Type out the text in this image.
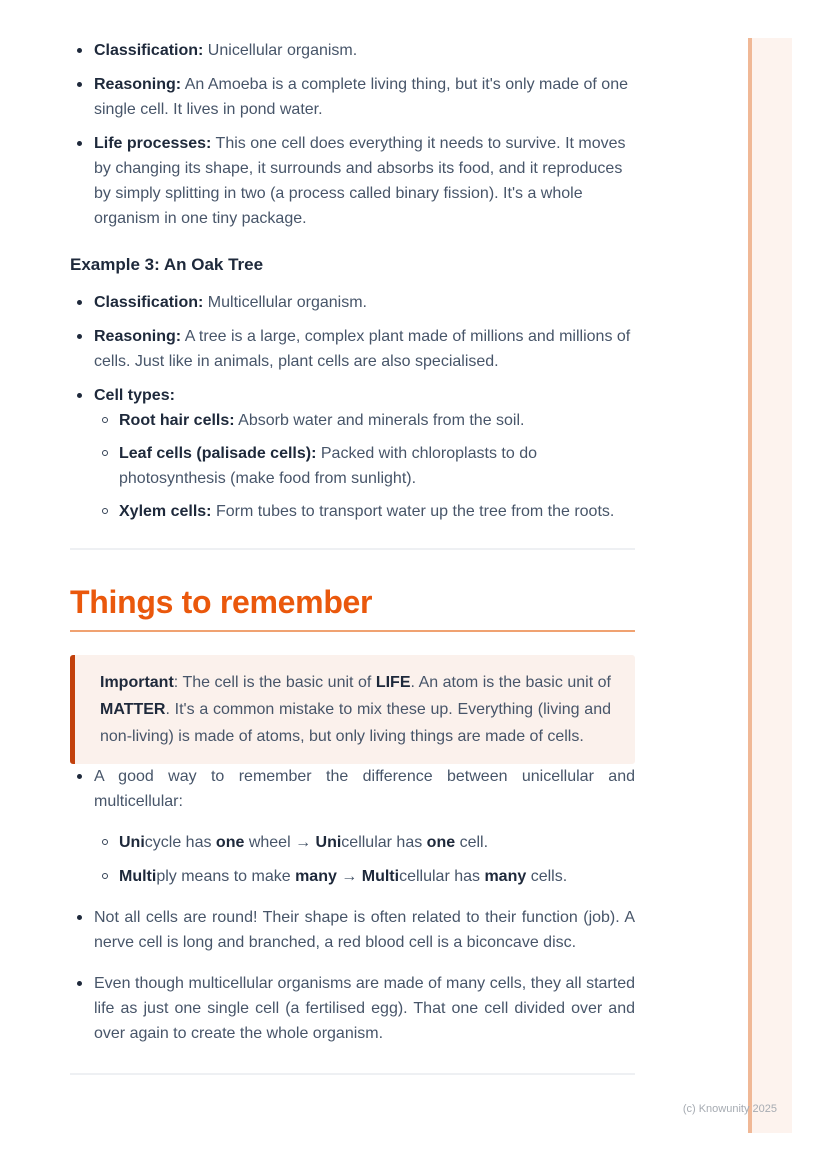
Classification: Unicellular organism.

Reasoning: An Amoeba is a complete living thing, but it's only made of one single cell. It lives in pond water.

Life processes: This one cell does everything it needs to survive. It moves by changing its shape, it surrounds and absorbs its food, and it reproduces by simply splitting in two (a process called binary fission). It's a whole organism in one tiny package.

Example 3: An Oak Tree

Classification: Multicellular organism.

Reasoning: A tree is a large, complex plant made of millions and millions of cells. Just like in animals, plant cells are also specialised.

Cell types:

Root hair cells: Absorb water and minerals from the soil.

Leaf cells (palisade cells): Packed with chloroplasts to do photosynthesis (make food from sunlight).

Xylem cells: Form tubes to transport water up the tree from the roots.

Things to remember

Important: The cell is the basic unit of LIFE. An atom is the basic unit of MATTER. It's a common mistake to mix these up. Everything (living and non-living) is made of atoms, but only living things are made of cells.

A good way to remember the difference between unicellular and multicellular:

Unicycle has one wheel → Unicellular has one cell.

Multiply means to make many → Multicellular has many cells.

Not all cells are round! Their shape is often related to their function (job). A nerve cell is long and branched, a red blood cell is a biconcave disc.

Even though multicellular organisms are made of many cells, they all started life as just one single cell (a fertilised egg). That one cell divided over and over again to create the whole organism.

(c) Knowunity 2025
